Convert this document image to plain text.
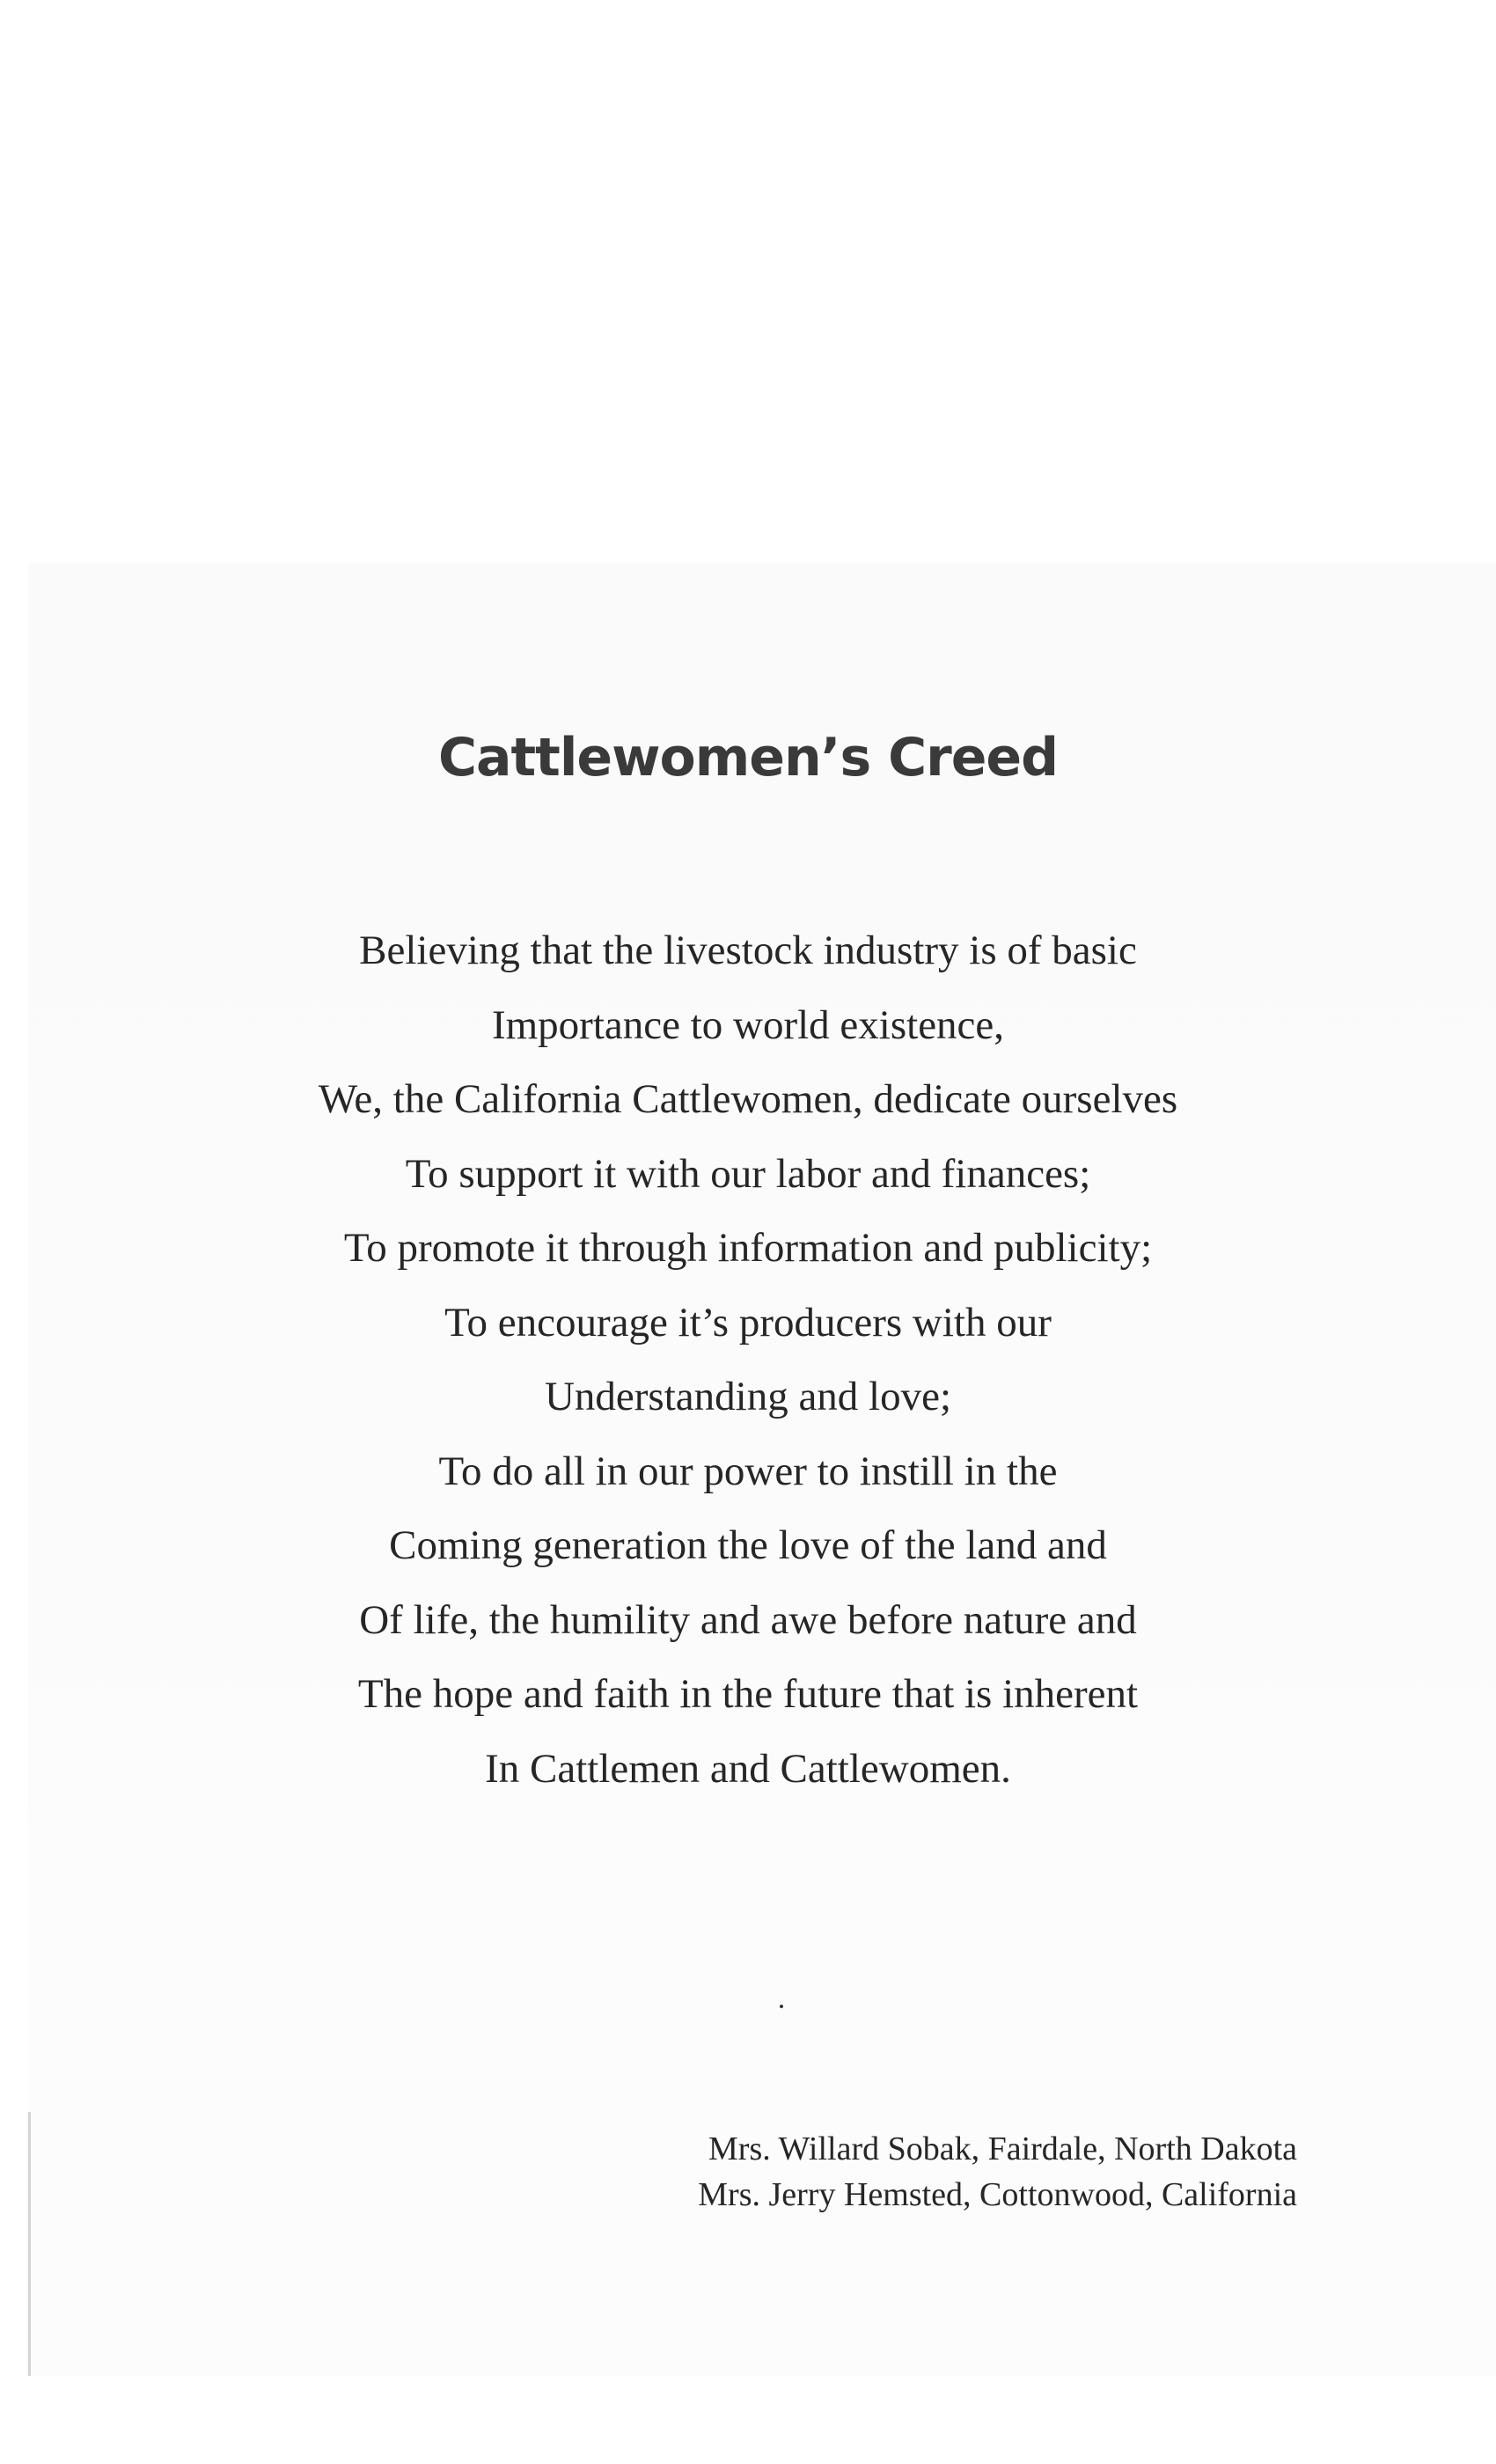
Cattlewomen’s Creed
Believing that the livestock industry is of basic
Importance to world existence,
We, the California Cattlewomen, dedicate ourselves
To support it with our labor and finances;
To promote it through information and publicity;
To encourage it’s producers with our
Understanding and love;
To do all in our power to instill in the
Coming generation the love of the land and
Of life, the humility and awe before nature and
The hope and faith in the future that is inherent
In Cattlemen and Cattlewomen.
Mrs. Willard Sobak, Fairdale, North Dakota
Mrs. Jerry Hemsted, Cottonwood, California
